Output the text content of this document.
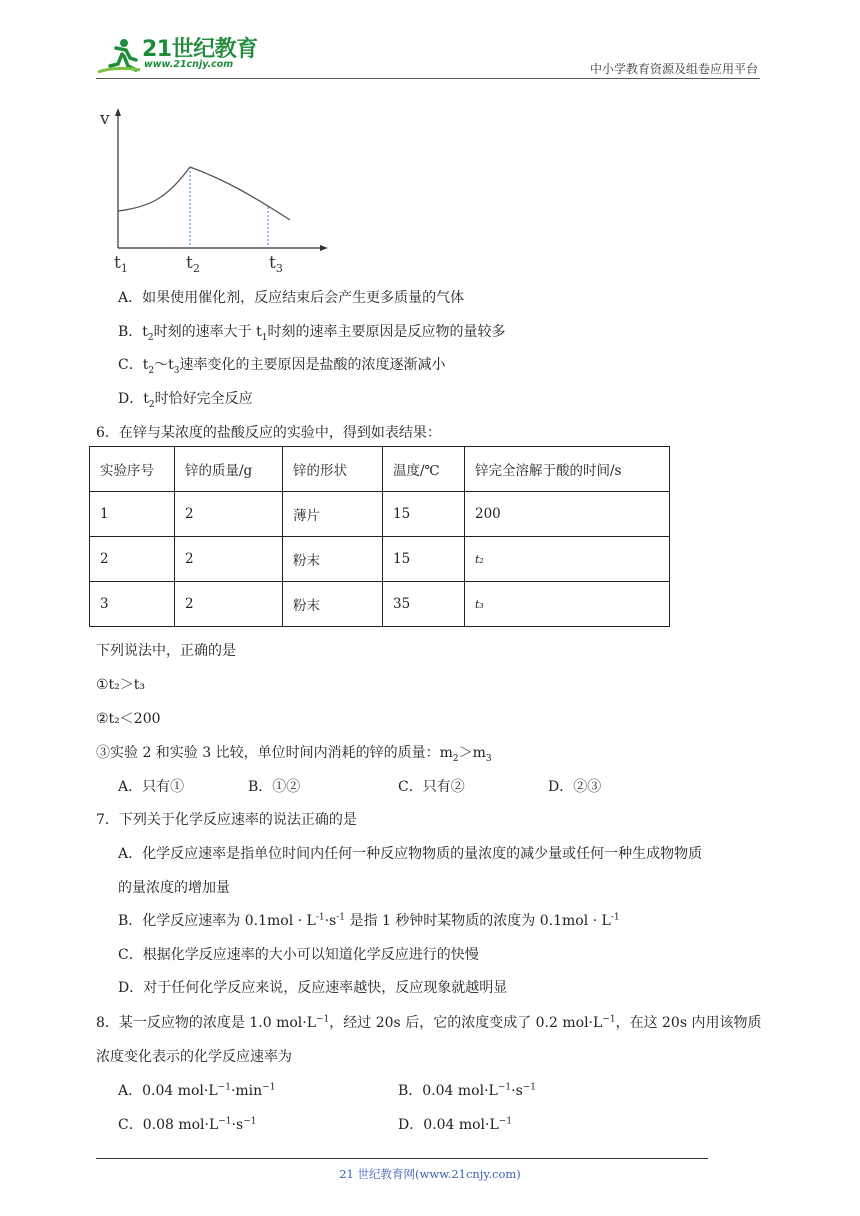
21世纪教育
www.21cnjy.com	中小学教育资源及组卷应用平台
v
$t_1$	$t_2$	$t_3$
A．如果使用催化剂，反应结束后会产生更多质量的气体
B．$t_2$时刻的速率大于 $t_1$时刻的速率主要原因是反应物的量较多
C．$t_2\sim t_3$速率变化的主要原因是盐酸的浓度逐渐减小
D．$t_2$时恰好完全反应
6．在锌与某浓度的盐酸反应的实验中，得到如表结果：
实验序号	锌的质量/g	锌的形状	温度/℃	锌完全溶解于酸的时间/s
1	2	薄片	15	200
2	2	粉末	15	t₂
3	2	粉末	35	t₃
下列说法中，正确的是
①t₂＞t₃
②t₂＜200
③实验 2 和实验 3 比较，单位时间内消耗的锌的质量：$m_2>m_3$
A．只有①	B．①②	C．只有②	D．②③
7．下列关于化学反应速率的说法正确的是
A．化学反应速率是指单位时间内任何一种反应物物质的量浓度的减少量或任何一种生成物物质
的量浓度的增加量
B．化学反应速率为 $0.1mol \cdot L^{-1}\cdot s^{-1}$ 是指 1 秒钟时某物质的浓度为 $0.1mol \cdot L^{-1}$
C．根据化学反应速率的大小可以知道化学反应进行的快慢
D．对于任何化学反应来说，反应速率越快，反应现象就越明显
8．某一反应物的浓度是 1.0 $mol\cdot L^{-1}$，经过 20s 后，它的浓度变成了 0.2 $mol\cdot L^{-1}$，在这 20s 内用该物质
浓度变化表示的化学反应速率为
A．0.04 $mol\cdot L^{-1}\cdot\min^{-1}$	B．0.04 $mol\cdot L^{-1}\cdot s^{-1}$
C．0.08 $mol\cdot L^{-1}\cdot s^{-1}$	D．0.04 $mol\cdot L^{-1}$
21 世纪教育网(www.21cnjy.com)
